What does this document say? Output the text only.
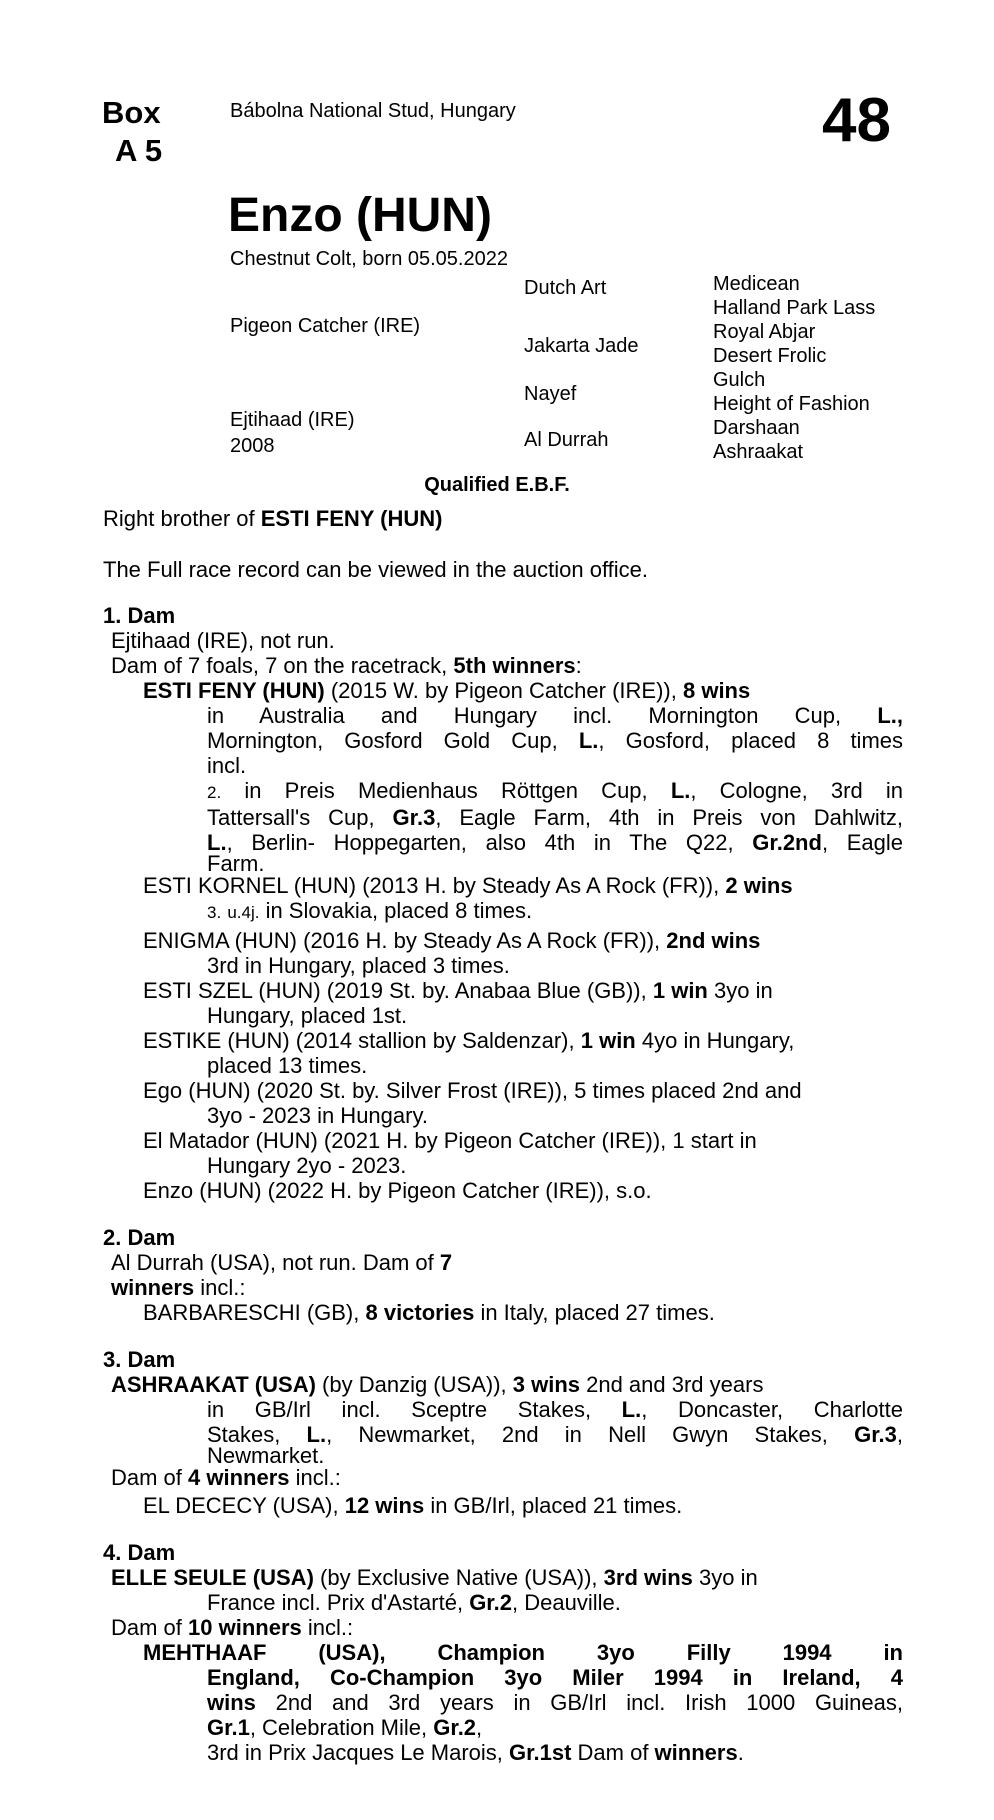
Box
A 5
Bábolna National Stud, Hungary	48
Enzo (HUN)
Chestnut Colt, born 05.05.2022
Pigeon Catcher (IRE)
Ejtihaad (IRE)
2008
Dutch Art
Jakarta Jade
Nayef
Al Durrah
Medicean
Halland Park Lass
Royal Abjar
Desert Frolic
Gulch
Height of Fashion
Darshaan
Ashraakat
Qualified E.B.F.
Right brother of ESTI FENY (HUN)
The Full race record can be viewed in the auction office.
1. Dam
Ejtihaad (IRE), not run.
Dam of 7 foals, 7 on the racetrack, 5th winners:
ESTI FENY (HUN) (2015 W. by Pigeon Catcher (IRE)), 8 wins
in Australia and Hungary incl. Mornington Cup, L.,
Mornington, Gosford Gold Cup, L., Gosford, placed 8 times
incl.
2. in Preis Medienhaus Röttgen Cup, L., Cologne, 3rd in
Tattersall's Cup, Gr.3, Eagle Farm, 4th in Preis von Dahlwitz,
L., Berlin- Hoppegarten, also 4th in The Q22, Gr.2nd, Eagle
Farm.
ESTI KORNEL (HUN) (2013 H. by Steady As A Rock (FR)), 2 wins
3. u.4j. in Slovakia, placed 8 times.
ENIGMA (HUN) (2016 H. by Steady As A Rock (FR)), 2nd wins
3rd in Hungary, placed 3 times.
ESTI SZEL (HUN) (2019 St. by. Anabaa Blue (GB)), 1 win 3yo in
Hungary, placed 1st.
ESTIKE (HUN) (2014 stallion by Saldenzar), 1 win 4yo in Hungary,
placed 13 times.
Ego (HUN) (2020 St. by. Silver Frost (IRE)), 5 times placed 2nd and
3yo - 2023 in Hungary.
El Matador (HUN) (2021 H. by Pigeon Catcher (IRE)), 1 start in
Hungary 2yo - 2023.
Enzo (HUN) (2022 H. by Pigeon Catcher (IRE)), s.o.
2. Dam
Al Durrah (USA), not run. Dam of 7
winners incl.:
BARBARESCHI (GB), 8 victories in Italy, placed 27 times.
3. Dam
ASHRAAKAT (USA) (by Danzig (USA)), 3 wins 2nd and 3rd years
in GB/Irl incl. Sceptre Stakes, L., Doncaster, Charlotte
Stakes, L., Newmarket, 2nd in Nell Gwyn Stakes, Gr.3,
Newmarket.
Dam of 4 winners incl.:
EL DECECY (USA), 12 wins in GB/Irl, placed 21 times.
4. Dam
ELLE SEULE (USA) (by Exclusive Native (USA)), 3rd wins 3yo in
France incl. Prix d'Astarté, Gr.2, Deauville.
Dam of 10 winners incl.:
MEHTHAAF (USA), Champion 3yo Filly 1994 in
England, Co-Champion 3yo Miler 1994 in Ireland, 4
wins 2nd and 3rd years in GB/Irl incl. Irish 1000 Guineas,
Gr.1, Celebration Mile, Gr.2,
3rd in Prix Jacques Le Marois, Gr.1st Dam of winners.
